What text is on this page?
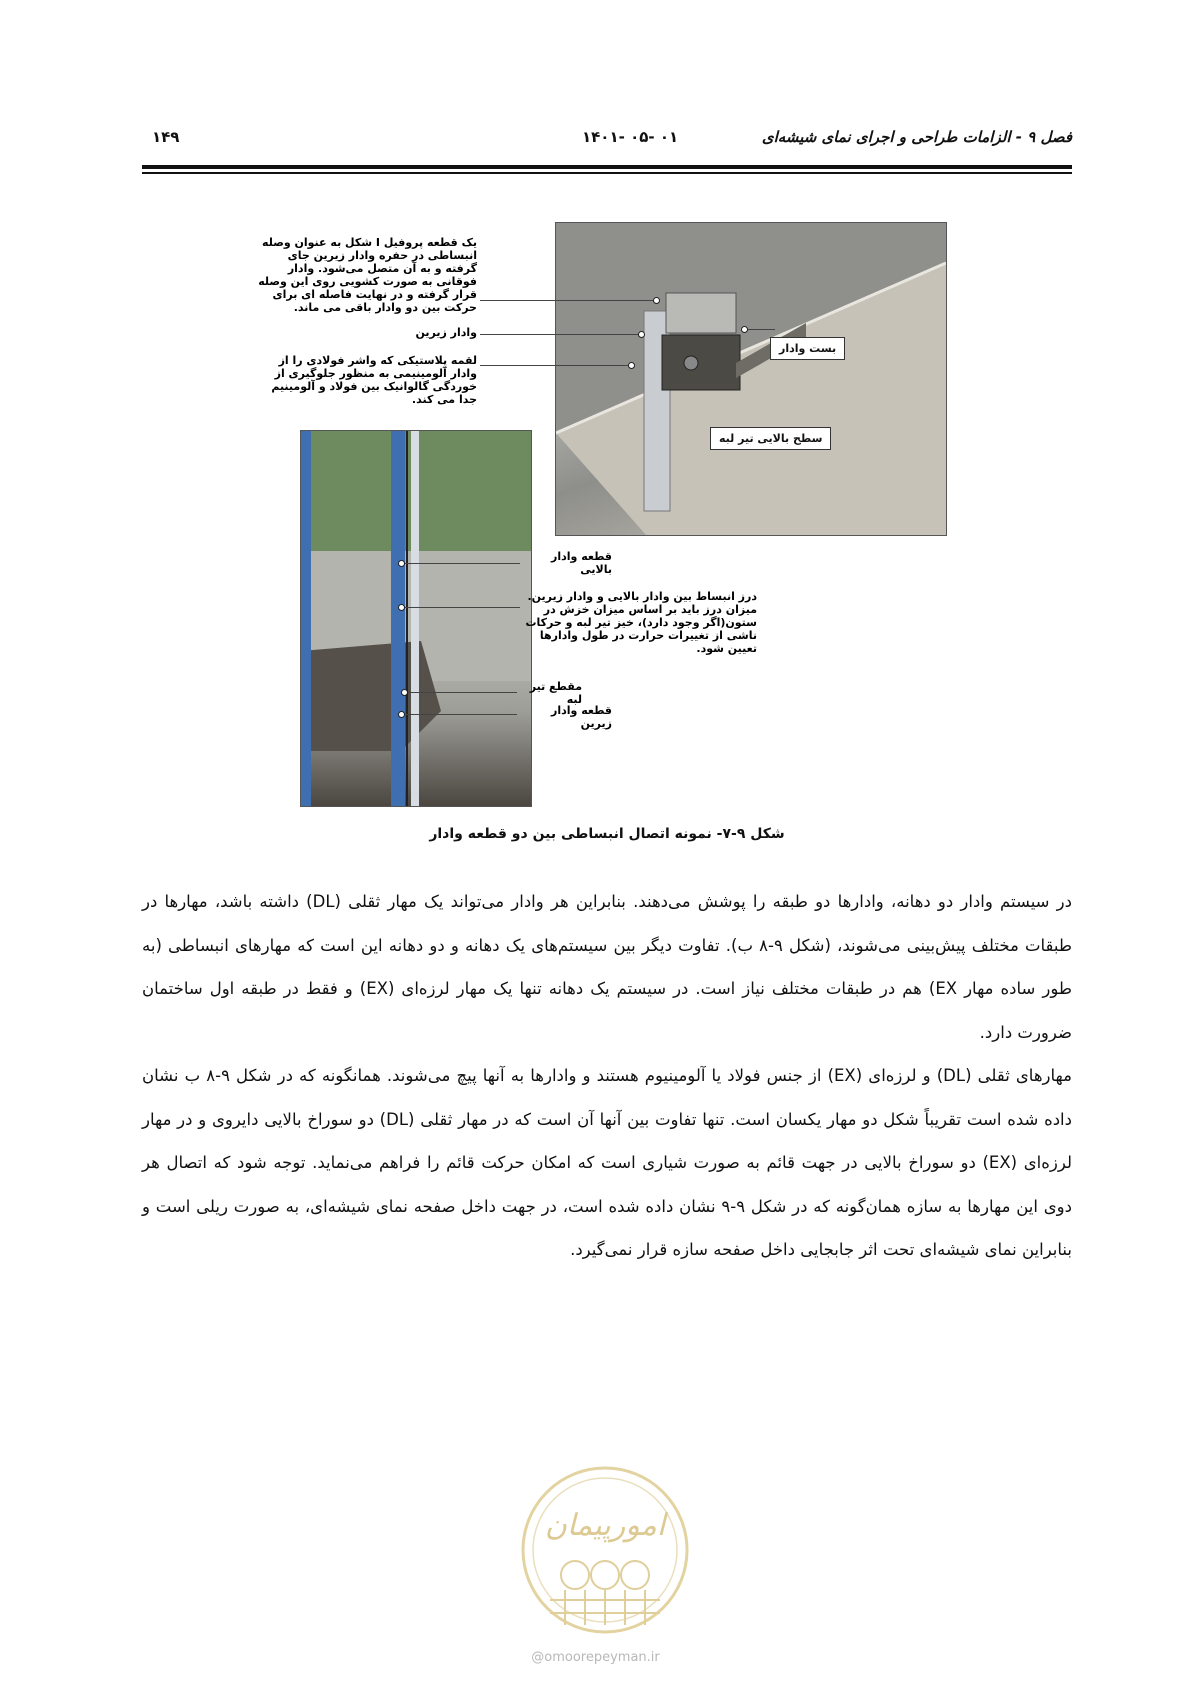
فصل ۹ - الزامات طراحی و اجرای نمای شیشه‌ای
۰۱ -۰۵ -۱۴۰۱
۱۴۹
یک قطعه پروفیل I شکل به عنوان وصله انبساطی در حفره وادار زیرین جای گرفته و به آن متصل می‌شود. وادار فوقانی به صورت کشویی روی این وصله قرار گرفته و در نهایت فاصله ای برای حرکت بین دو وادار باقی می ماند.
وادار زیرین
لقمه پلاستیکی که واشر فولادی را از وادار آلومینیمی به منظور جلوگیری از خوردگی گالوانیک بین فولاد و آلومینیم جدا می کند.
بست وادار
سطح بالایی تیر لبه
قطعه وادار بالایی
درز انبساط بین وادار بالایی و وادار زیرین. میزان درز باید بر اساس میزان خزش در ستون(اگر وجود دارد)، خیز تیر لبه و حرکات ناشی از تغییرات حرارت در طول وادارها تعیین شود.
مقطع تیر لبه
قطعه وادار زیرین
شکل ۹-۷- نمونه اتصال انبساطی بین دو قطعه وادار

در سیستم وادار دو دهانه، وادارها دو طبقه را پوشش می‌دهند. بنابراین هر وادار می‌تواند یک مهار ثقلی (DL) داشته باشد، مهارها در طبقات مختلف پیش‌بینی می‌شوند، (شکل ۹-۸ ب). تفاوت دیگر بین سیستم‌های یک دهانه و دو دهانه این است که مهارهای انبساطی (به طور ساده مهار EX) هم در طبقات مختلف نیاز است. در سیستم یک دهانه تنها یک مهار لرزه‌ای (EX) و فقط در طبقه اول ساختمان ضرورت دارد.

مهارهای ثقلی (DL) و لرزه‌ای (EX) از جنس فولاد یا آلومینیوم هستند و وادارها به آنها پیچ می‌شوند. همانگونه که در شکل ۹-۸ ب نشان داده شده است تقریباً شکل دو مهار یکسان است. تنها تفاوت بین آنها آن است که در مهار ثقلی (DL) دو سوراخ بالایی دایروی و در مهار لرزه‌ای (EX) دو سوراخ بالایی در جهت قائم به صورت شیاری است که امکان حرکت قائم را فراهم می‌نماید. توجه شود که اتصال هر دوی این مهارها به سازه همان‌گونه که در شکل ۹-۹ نشان داده شده است، در جهت داخل صفحه نمای شیشه‌ای، به صورت ریلی است و بنابراین نمای شیشه‌ای تحت اثر جابجایی داخل صفحه سازه قرار نمی‌گیرد.

امورپیمان
@omoorepeyman.ir
